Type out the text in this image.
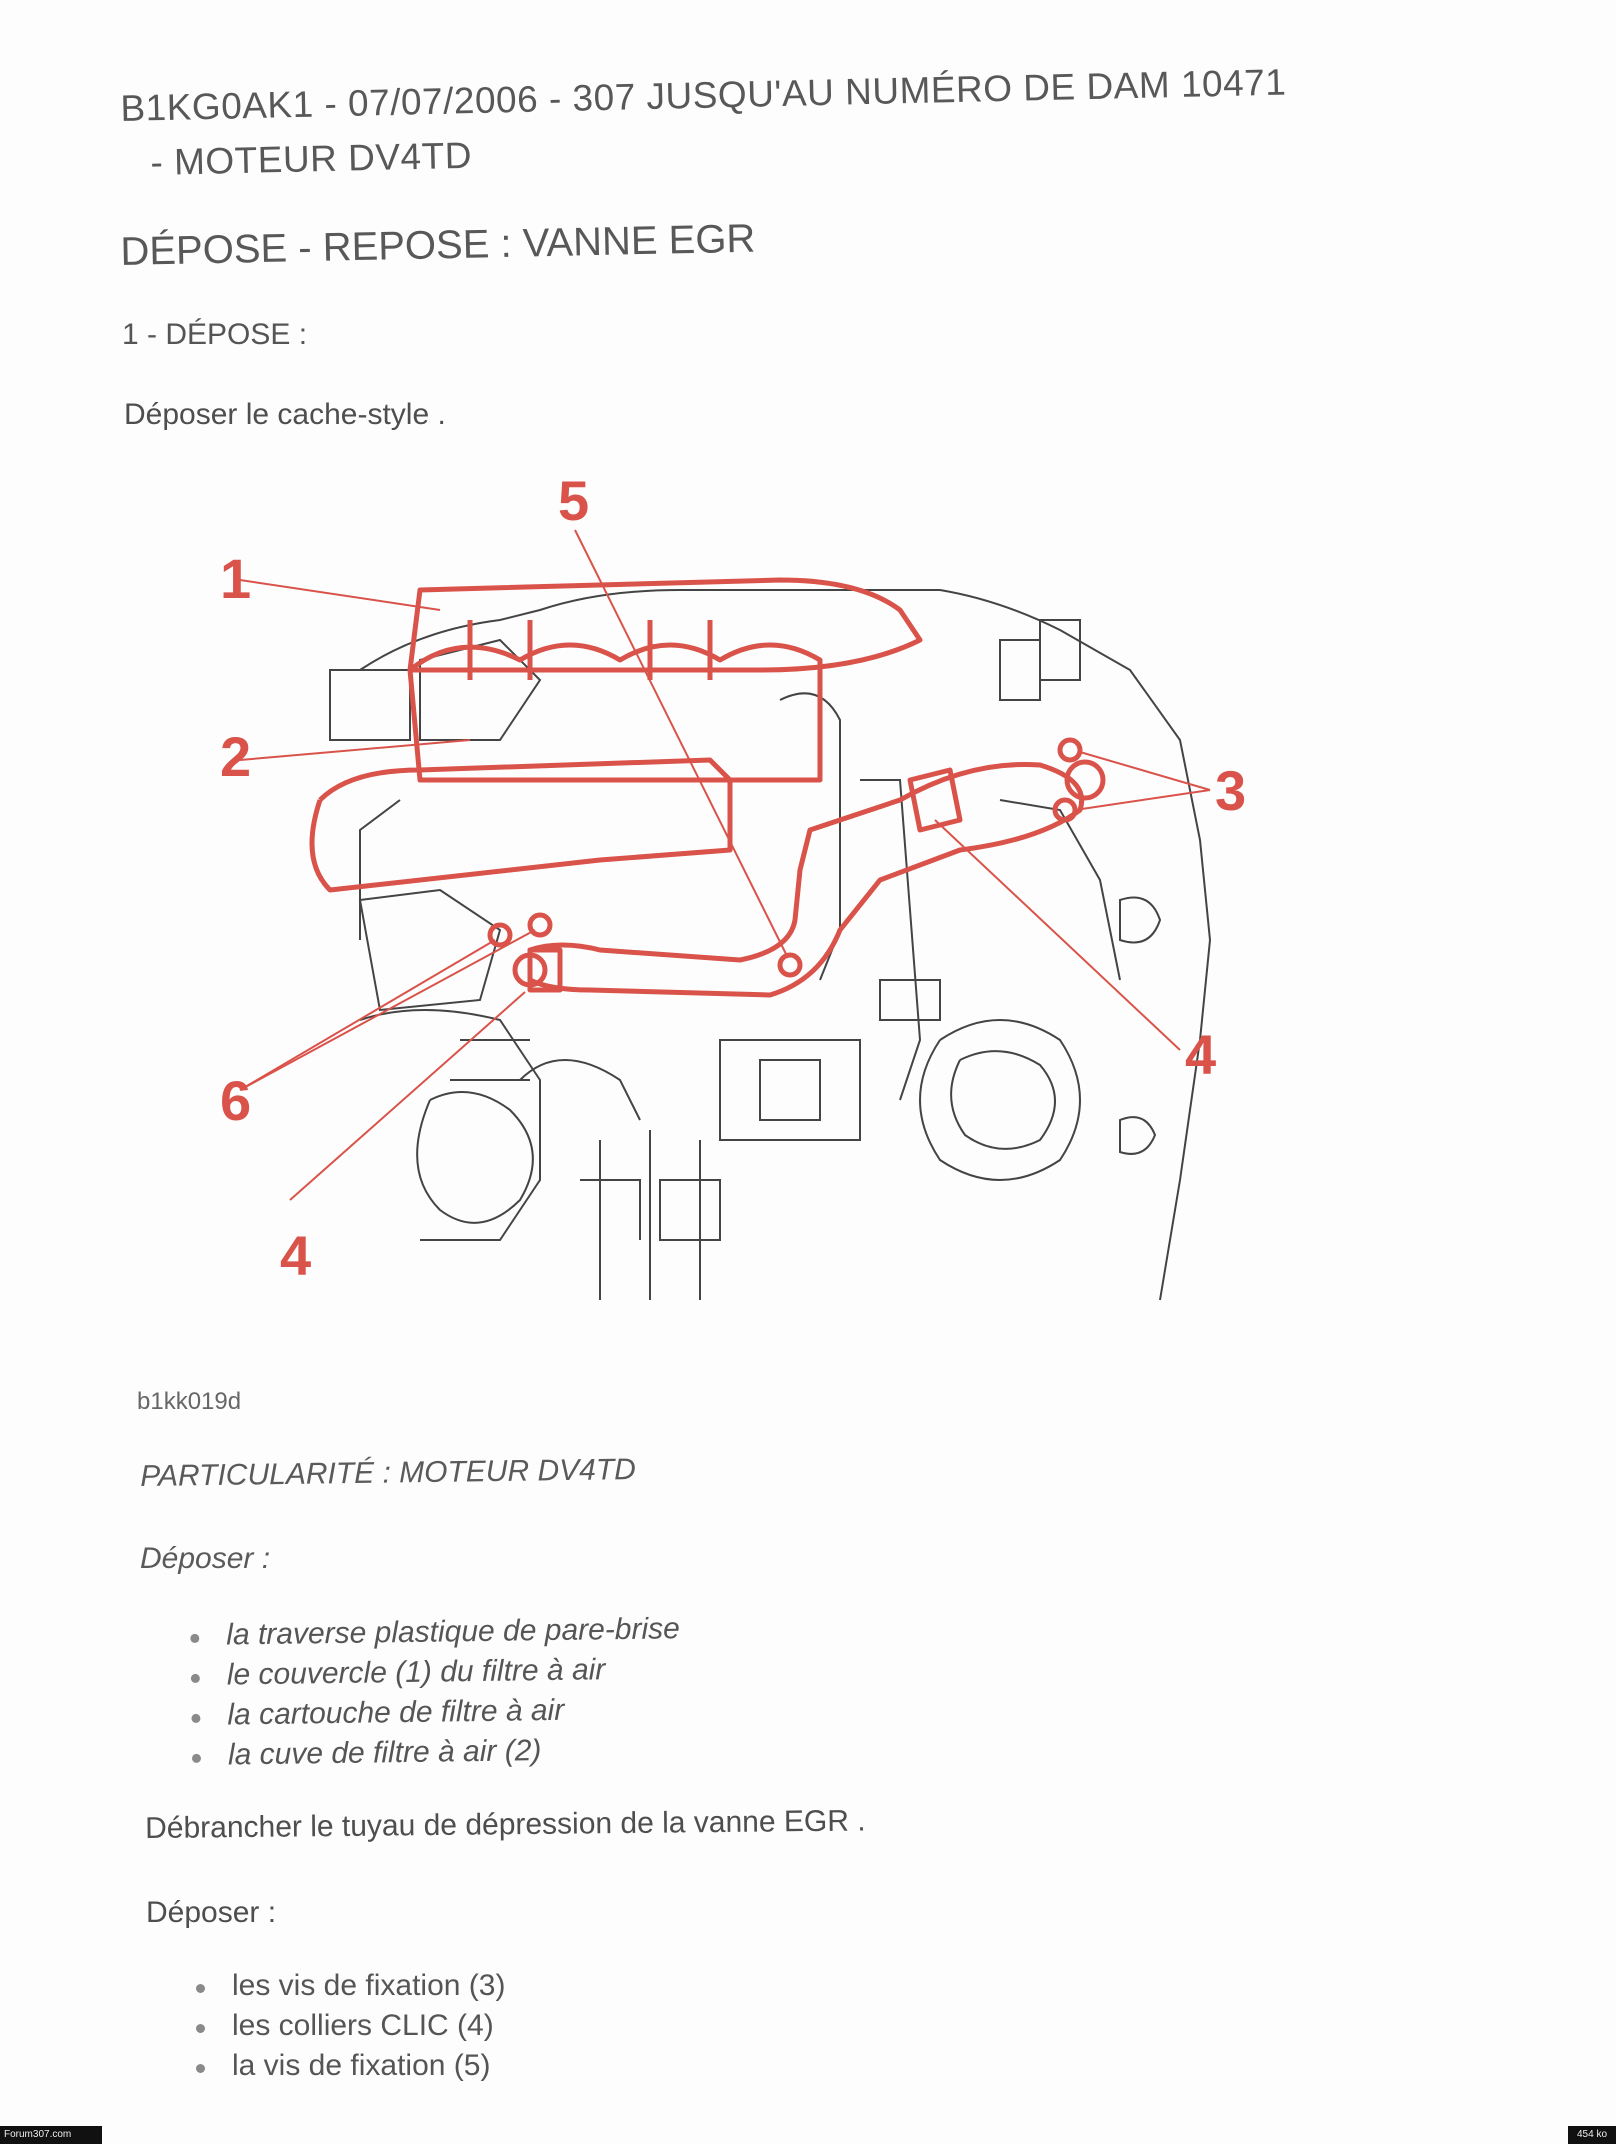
B1KG0AK1 - 07/07/2006 - 307 JUSQU'AU NUMÉRO DE DAM 10471
- MOTEUR DV4TD
DÉPOSE - REPOSE : VANNE EGR
1 - DÉPOSE :
Déposer le cache-style .
1
2
3
4
5
6
4
b1kk019d
PARTICULARITÉ : MOTEUR DV4TD
Déposer :
la traverse plastique de pare-brise
le couvercle (1) du filtre à air
la cartouche de filtre à air
la cuve de filtre à air (2)
Débrancher le tuyau de dépression de la vanne EGR .
Déposer :
les vis de fixation (3)
les colliers CLIC (4)
la vis de fixation (5)
Forum307.com	454 ko
